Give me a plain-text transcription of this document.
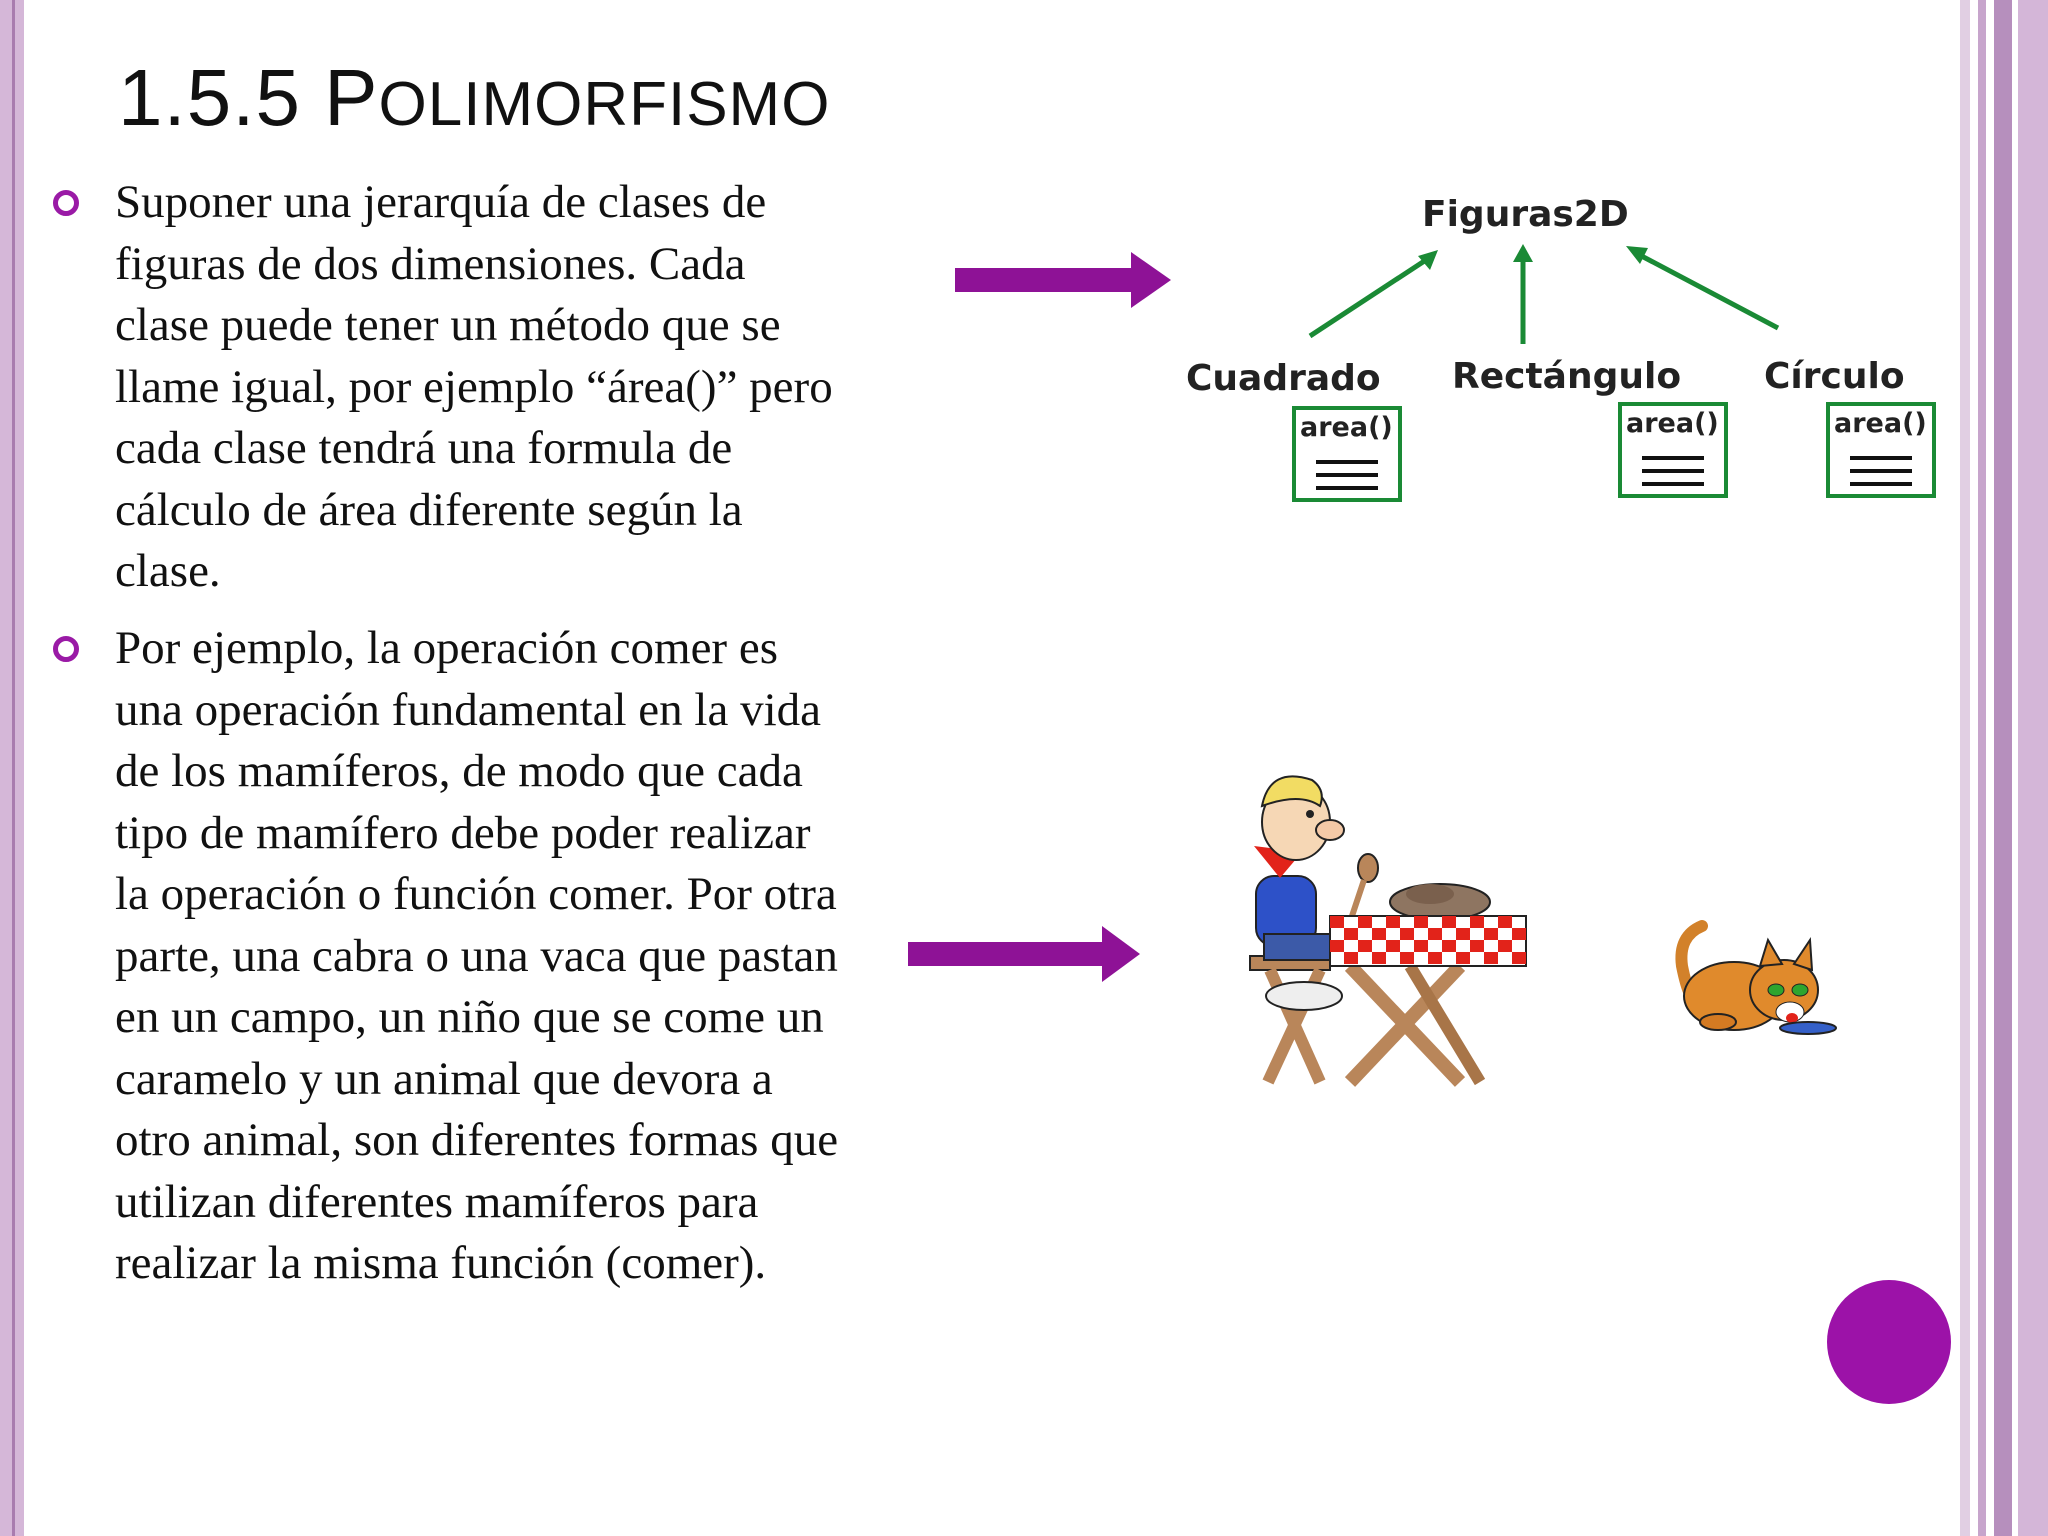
1.5.5 POLIMORFISMO
Suponer una jerarquía de clases de
figuras de dos dimensiones. Cada
clase puede tener un método que se
llame igual, por ejemplo “área()” pero
cada clase tendrá una formula de
cálculo de área diferente según la
clase.
Por ejemplo, la operación comer es
una operación fundamental en la vida
de los mamíferos, de modo que cada
tipo de mamífero debe poder realizar
la operación o función comer. Por otra
parte, una cabra o una vaca que pastan
en un campo, un niño que se come un
caramelo y un animal que devora a
otro animal, son diferentes formas que
utilizan diferentes mamíferos para
realizar la misma función (comer).
Figuras2D
Cuadrado Rectángulo Círculo
area()	area()	area()
